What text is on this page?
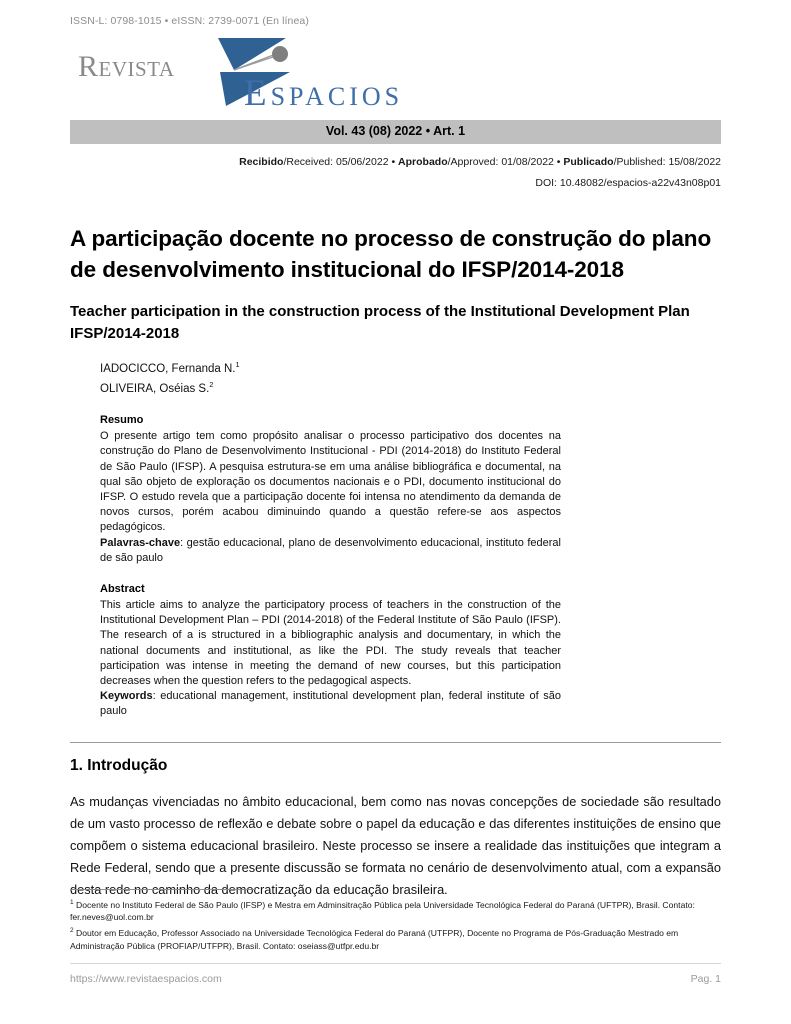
ISSN-L: 0798-1015 • eISSN: 2739-0071 (En línea)
Revista
Espacios
Vol. 43 (08) 2022 • Art. 1
Recibido/Received: 05/06/2022 • Aprobado/Approved: 01/08/2022 • Publicado/Published: 15/08/2022
DOI: 10.48082/espacios-a22v43n08p01
A participação docente no processo de construção do plano de desenvolvimento institucional do IFSP/2014-2018
Teacher participation in the construction process of the Institutional Development Plan IFSP/2014-2018
IADOCICCO, Fernanda N.$^1$
OLIVEIRA, Oséias S.$^2$
Resumo
O presente artigo tem como propósito analisar o processo participativo dos docentes na construção do Plano de Desenvolvimento Institucional - PDI (2014-2018) do Instituto Federal de São Paulo (IFSP). A pesquisa estrutura-se em uma análise bibliográfica e documental, na qual são objeto de exploração os documentos nacionais e o PDI, documento institucional do IFSP. O estudo revela que a participação docente foi intensa no atendimento da demanda de novos cursos, porém acabou diminuindo quando a questão refere-se aos aspectos pedagógicos.
Palavras-chave: gestão educacional, plano de desenvolvimento educacional, instituto federal de são paulo
Abstract
This article aims to analyze the participatory process of teachers in the construction of the Institutional Development Plan – PDI (2014-2018) of the Federal Institute of São Paulo (IFSP). The research of a is structured in a bibliographic analysis and documentary, in which the national documents and institutional, as like the PDI. The study reveals that teacher participation was intense in meeting the demand of new courses, but this participation decreases when the question refers to the pedagogical aspects.
Keywords: educational management, institutional development plan, federal institute of são paulo
1. Introdução

As mudanças vivenciadas no âmbito educacional, bem como nas novas concepções de sociedade são resultado de um vasto processo de reflexão e debate sobre o papel da educação e das diferentes instituições de ensino que compõem o sistema educacional brasileiro. Neste processo se insere a realidade das instituições que integram a Rede Federal, sendo que a presente discussão se formata no cenário de desenvolvimento atual, com a expansão desta rede no caminho da democratização da educação brasileira.

$^1$ Docente no Instituto Federal de São Paulo (IFSP) e Mestra em Adminsitração Pública pela Universidade Tecnológica Federal do Paraná (UFTPR), Brasil. Contato: fer.neves@uol.com.br
$^2$ Doutor em Educação, Professor Associado na Universidade Tecnológica Federal do Paraná (UTFPR), Docente no Programa de Pós-Graduação Mestrado em Administração Pública (PROFIAP/UTFPR), Brasil. Contato: oseiass@utfpr.edu.br
https://www.revistaespacios.com	Pag. 1
